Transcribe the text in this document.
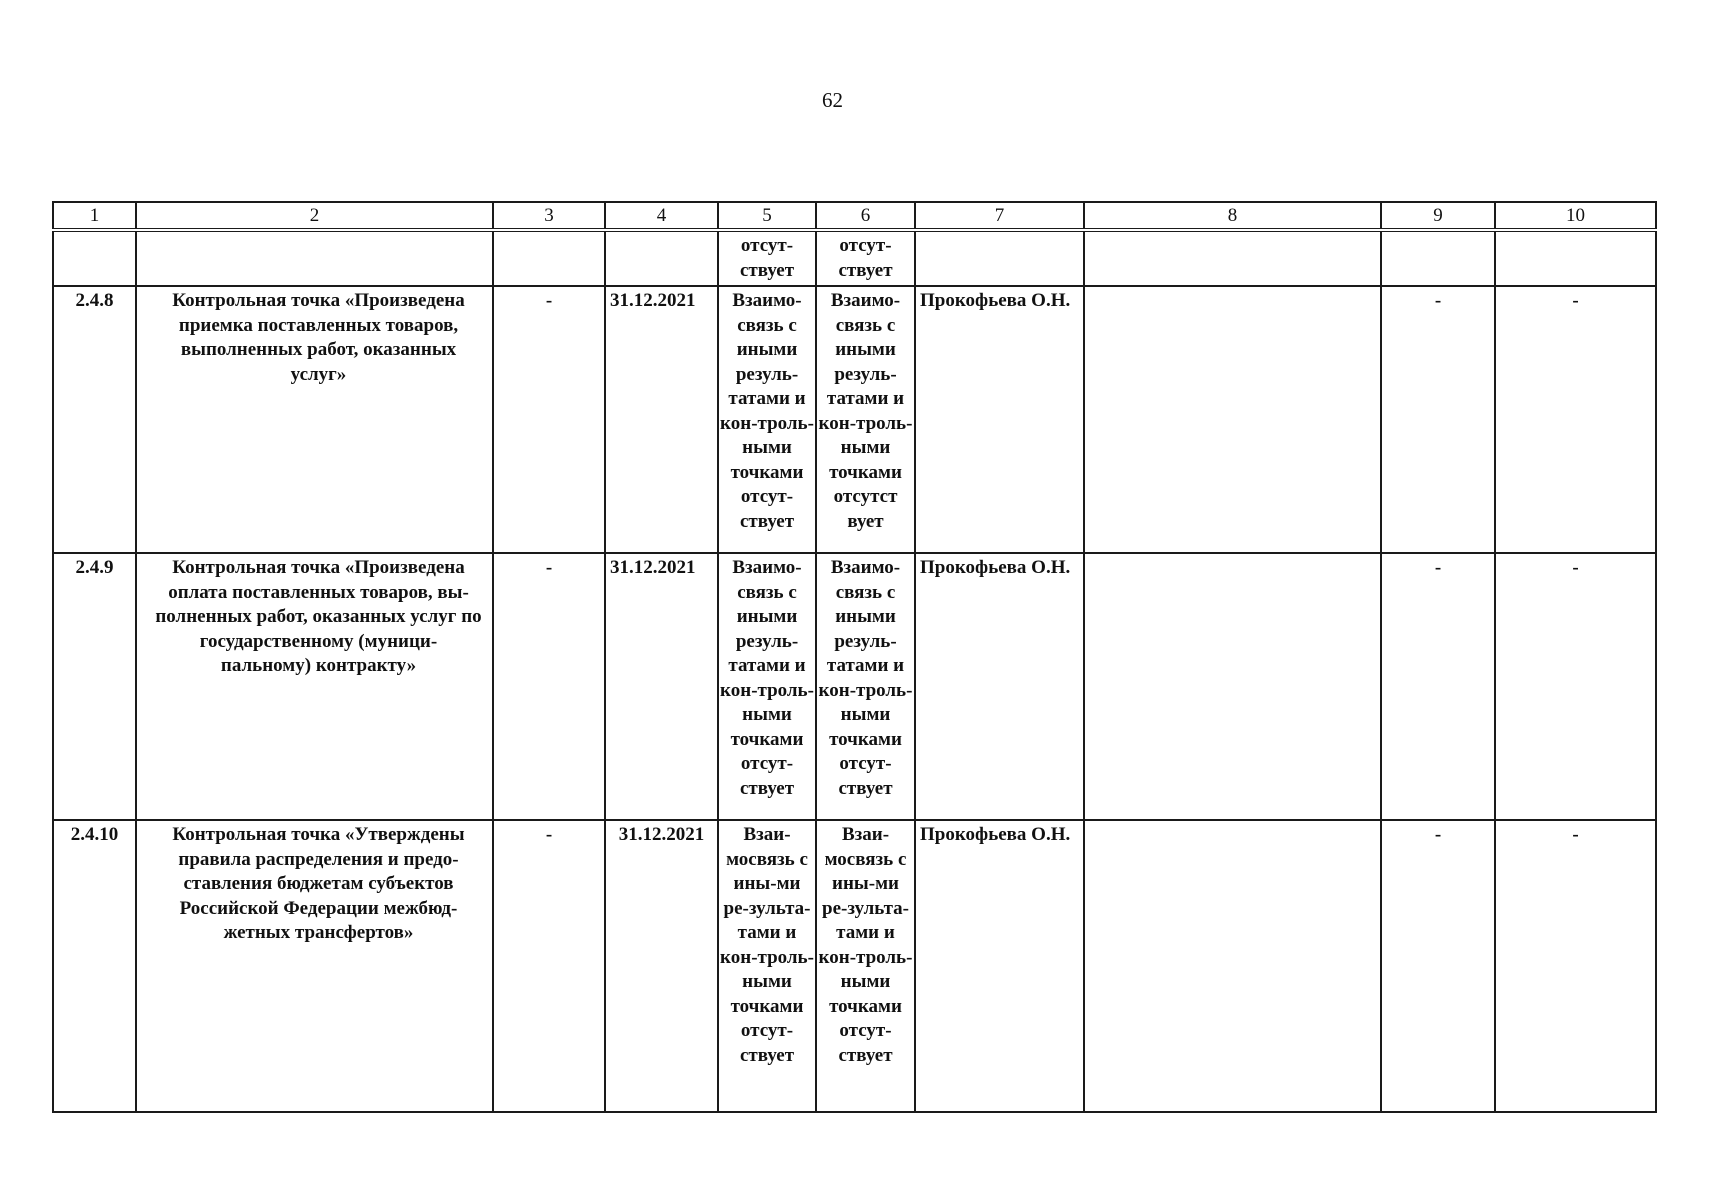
62
1	2	3	4	5	6	7	8	9	10
				отсут-ствует	отсут-ствует				
2.4.8	Контрольная точка «Произведена приемка поставленных товаров, выполненных работ, оказанных услуг»	-	31.12.2021	Взаимо-связь с иными резуль-татами и кон-троль-ными точками отсут-ствует	Взаимо-связь с иными резуль-татами и кон-троль-ными точками отсутст вует	Прокофьева О.Н.		-	-
2.4.9	Контрольная точка «Произведена оплата поставленных товаров, вы-полненных работ, оказанных услуг по государственному (муници-пальному) контракту»	-	31.12.2021	Взаимо-связь с иными резуль-татами и кон-троль-ными точками отсут-ствует	Взаимо-связь с иными резуль-татами и кон-троль-ными точками отсут-ствует	Прокофьева О.Н.		-	-
2.4.10	Контрольная точка «Утверждены правила распределения и предо-ставления бюджетам субъектов Российской Федерации межбюд-жетных трансфертов»	-	31.12.2021	Взаи-мосвязь с ины-ми ре-зульта-тами и кон-троль-ными точками отсут-ствует	Взаи-мосвязь с ины-ми ре-зульта-тами и кон-троль-ными точками отсут-ствует	Прокофьева О.Н.		-	-
